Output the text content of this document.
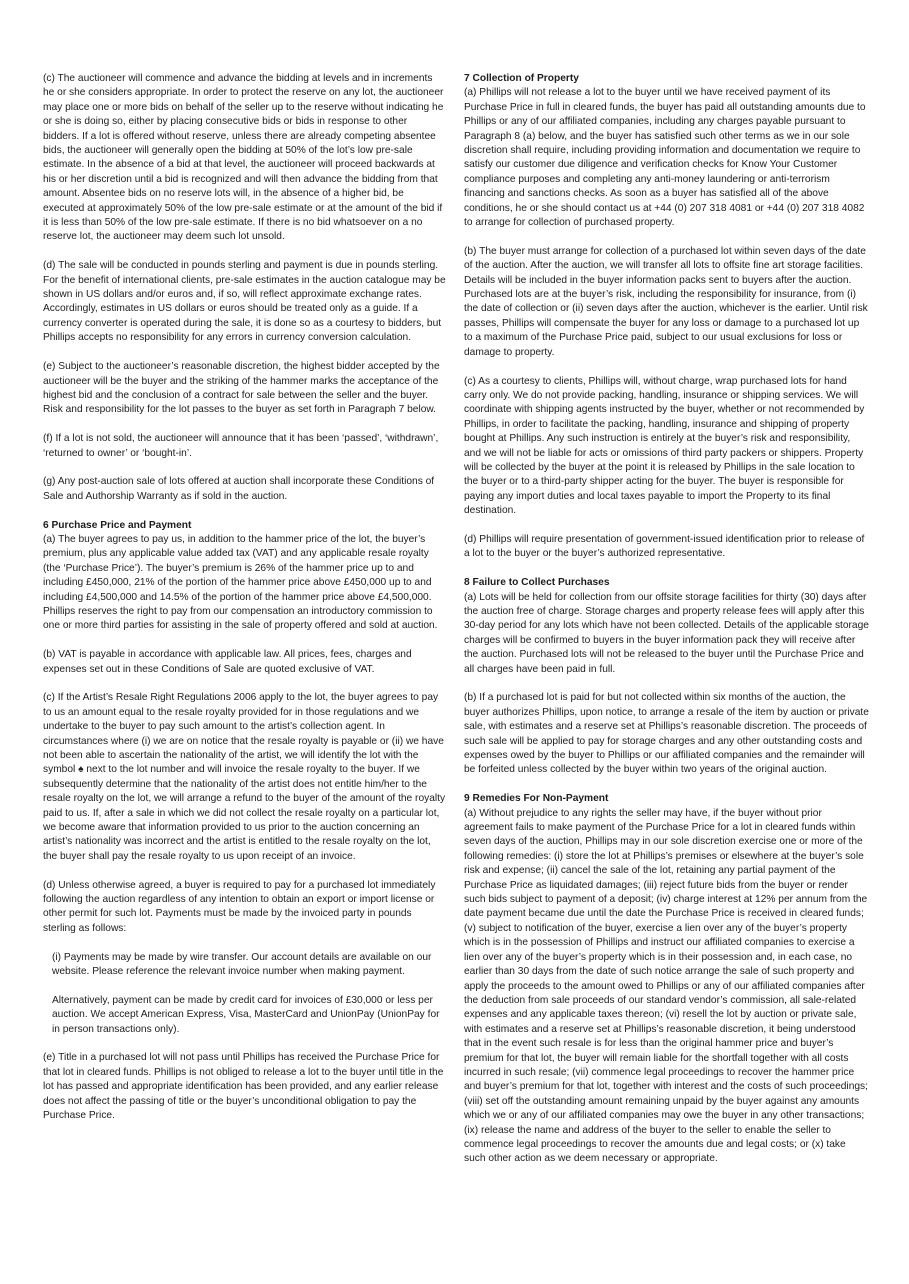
(c) The auctioneer will commence and advance the bidding at levels and in increments he or she considers appropriate. In order to protect the reserve on any lot, the auctioneer may place one or more bids on behalf of the seller up to the reserve without indicating he or she is doing so, either by placing consecutive bids or bids in response to other bidders. If a lot is offered without reserve, unless there are already competing absentee bids, the auctioneer will generally open the bidding at 50% of the lot’s low pre-sale estimate. In the absence of a bid at that level, the auctioneer will proceed backwards at his or her discretion until a bid is recognized and will then advance the bidding from that amount. Absentee bids on no reserve lots will, in the absence of a higher bid, be executed at approximately 50% of the low pre-sale estimate or at the amount of the bid if it is less than 50% of the low pre-sale estimate. If there is no bid whatsoever on a no reserve lot, the auctioneer may deem such lot unsold.

(d) The sale will be conducted in pounds sterling and payment is due in pounds sterling. For the benefit of international clients, pre-sale estimates in the auction catalogue may be shown in US dollars and/or euros and, if so, will reflect approximate exchange rates. Accordingly, estimates in US dollars or euros should be treated only as a guide. If a currency converter is operated during the sale, it is done so as a courtesy to bidders, but Phillips accepts no responsibility for any errors in currency conversion calculation.

(e) Subject to the auctioneer’s reasonable discretion, the highest bidder accepted by the auctioneer will be the buyer and the striking of the hammer marks the acceptance of the highest bid and the conclusion of a contract for sale between the seller and the buyer. Risk and responsibility for the lot passes to the buyer as set forth in Paragraph 7 below.

(f) If a lot is not sold, the auctioneer will announce that it has been ‘passed’, ‘withdrawn’, ‘returned to owner’ or ‘bought-in’.

(g) Any post-auction sale of lots offered at auction shall incorporate these Conditions of Sale and Authorship Warranty as if sold in the auction.

6 Purchase Price and Payment

(a) The buyer agrees to pay us, in addition to the hammer price of the lot, the buyer’s premium, plus any applicable value added tax (VAT) and any applicable resale royalty (the ‘Purchase Price’). The buyer’s premium is 26% of the hammer price up to and including £450,000, 21% of the portion of the hammer price above £450,000 up to and including £4,500,000 and 14.5% of the portion of the hammer price above £4,500,000. Phillips reserves the right to pay from our compensation an introductory commission to one or more third parties for assisting in the sale of property offered and sold at auction.

(b) VAT is payable in accordance with applicable law. All prices, fees, charges and expenses set out in these Conditions of Sale are quoted exclusive of VAT.

(c) If the Artist’s Resale Right Regulations 2006 apply to the lot, the buyer agrees to pay to us an amount equal to the resale royalty provided for in those regulations and we undertake to the buyer to pay such amount to the artist’s collection agent. In circumstances where (i) we are on notice that the resale royalty is payable or (ii) we have not been able to ascertain the nationality of the artist, we will identify the lot with the symbol ♠ next to the lot number and will invoice the resale royalty to the buyer. If we subsequently determine that the nationality of the artist does not entitle him/her to the resale royalty on the lot, we will arrange a refund to the buyer of the amount of the royalty paid to us. If, after a sale in which we did not collect the resale royalty on a particular lot, we become aware that information provided to us prior to the auction concerning an artist’s nationality was incorrect and the artist is entitled to the resale royalty on the lot, the buyer shall pay the resale royalty to us upon receipt of an invoice.

(d) Unless otherwise agreed, a buyer is required to pay for a purchased lot immediately following the auction regardless of any intention to obtain an export or import license or other permit for such lot. Payments must be made by the invoiced party in pounds sterling as follows:

(i) Payments may be made by wire transfer. Our account details are available on our website. Please reference the relevant invoice number when making payment.

Alternatively, payment can be made by credit card for invoices of £30,000 or less per auction. We accept American Express, Visa, MasterCard and UnionPay (UnionPay for in person transactions only).

(e) Title in a purchased lot will not pass until Phillips has received the Purchase Price for that lot in cleared funds. Phillips is not obliged to release a lot to the buyer until title in the lot has passed and appropriate identification has been provided, and any earlier release does not affect the passing of title or the buyer’s unconditional obligation to pay the Purchase Price.

7 Collection of Property

(a) Phillips will not release a lot to the buyer until we have received payment of its Purchase Price in full in cleared funds, the buyer has paid all outstanding amounts due to Phillips or any of our affiliated companies, including any charges payable pursuant to Paragraph 8 (a) below, and the buyer has satisfied such other terms as we in our sole discretion shall require, including providing information and documentation we require to satisfy our customer due diligence and verification checks for Know Your Customer compliance purposes and completing any anti-money laundering or anti-terrorism financing and sanctions checks. As soon as a buyer has satisfied all of the above conditions, he or she should contact us at +44 (0) 207 318 4081 or +44 (0) 207 318 4082 to arrange for collection of purchased property.

(b) The buyer must arrange for collection of a purchased lot within seven days of the date of the auction. After the auction, we will transfer all lots to offsite fine art storage facilities. Details will be included in the buyer information packs sent to buyers after the auction. Purchased lots are at the buyer’s risk, including the responsibility for insurance, from (i) the date of collection or (ii) seven days after the auction, whichever is the earlier. Until risk passes, Phillips will compensate the buyer for any loss or damage to a purchased lot up to a maximum of the Purchase Price paid, subject to our usual exclusions for loss or damage to property.

(c) As a courtesy to clients, Phillips will, without charge, wrap purchased lots for hand carry only. We do not provide packing, handling, insurance or shipping services. We will coordinate with shipping agents instructed by the buyer, whether or not recommended by Phillips, in order to facilitate the packing, handling, insurance and shipping of property bought at Phillips. Any such instruction is entirely at the buyer’s risk and responsibility, and we will not be liable for acts or omissions of third party packers or shippers. Property will be collected by the buyer at the point it is released by Phillips in the sale location to the buyer or to a third-party shipper acting for the buyer. The buyer is responsible for paying any import duties and local taxes payable to import the Property to its final destination.

(d) Phillips will require presentation of government-issued identification prior to release of a lot to the buyer or the buyer’s authorized representative.

8 Failure to Collect Purchases

(a) Lots will be held for collection from our offsite storage facilities for thirty (30) days after the auction free of charge. Storage charges and property release fees will apply after this 30-day period for any lots which have not been collected. Details of the applicable storage charges will be confirmed to buyers in the buyer information pack they will receive after the auction. Purchased lots will not be released to the buyer until the Purchase Price and all charges have been paid in full.

(b) If a purchased lot is paid for but not collected within six months of the auction, the buyer authorizes Phillips, upon notice, to arrange a resale of the item by auction or private sale, with estimates and a reserve set at Phillips’s reasonable discretion. The proceeds of such sale will be applied to pay for storage charges and any other outstanding costs and expenses owed by the buyer to Phillips or our affiliated companies and the remainder will be forfeited unless collected by the buyer within two years of the original auction.

9 Remedies For Non-Payment

(a) Without prejudice to any rights the seller may have, if the buyer without prior agreement fails to make payment of the Purchase Price for a lot in cleared funds within seven days of the auction, Phillips may in our sole discretion exercise one or more of the following remedies: (i) store the lot at Phillips’s premises or elsewhere at the buyer’s sole risk and expense; (ii) cancel the sale of the lot, retaining any partial payment of the Purchase Price as liquidated damages; (iii) reject future bids from the buyer or render such bids subject to payment of a deposit; (iv) charge interest at 12% per annum from the date payment became due until the date the Purchase Price is received in cleared funds; (v) subject to notification of the buyer, exercise a lien over any of the buyer’s property which is in the possession of Phillips and instruct our affiliated companies to exercise a lien over any of the buyer’s property which is in their possession and, in each case, no earlier than 30 days from the date of such notice arrange the sale of such property and apply the proceeds to the amount owed to Phillips or any of our affiliated companies after the deduction from sale proceeds of our standard vendor’s commission, all sale-related expenses and any applicable taxes thereon; (vi) resell the lot by auction or private sale, with estimates and a reserve set at Phillips’s reasonable discretion, it being understood that in the event such resale is for less than the original hammer price and buyer’s premium for that lot, the buyer will remain liable for the shortfall together with all costs incurred in such resale; (vii) commence legal proceedings to recover the hammer price and buyer’s premium for that lot, together with interest and the costs of such proceedings; (viii) set off the outstanding amount remaining unpaid by the buyer against any amounts which we or any of our affiliated companies may owe the buyer in any other transactions; (ix) release the name and address of the buyer to the seller to enable the seller to commence legal proceedings to recover the amounts due and legal costs; or (x) take such other action as we deem necessary or appropriate.
